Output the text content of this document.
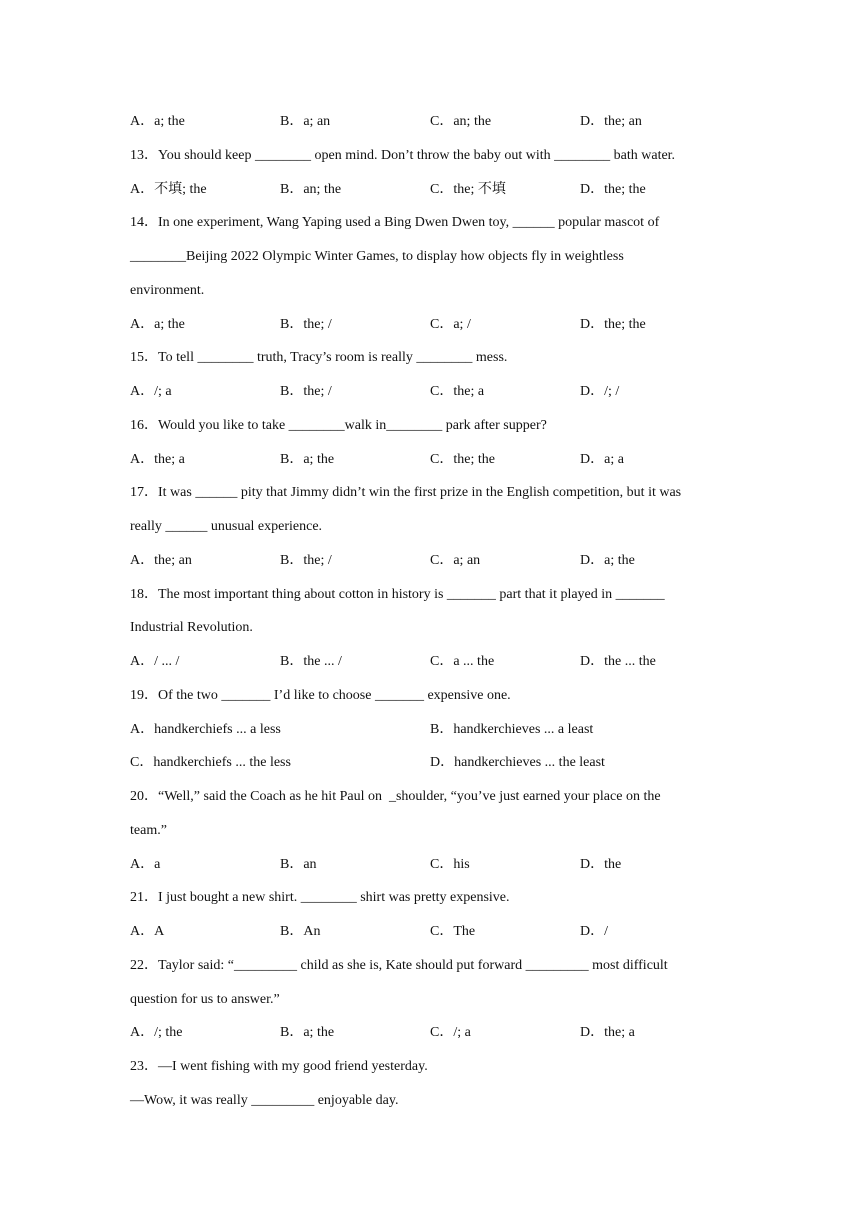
A．a; the	B．a; an	C．an; the	D．the; an
13．You should keep ________ open mind. Don’t throw the baby out with ________ bath water.
A．不填; the	B．an; the	C．the; 不填	D．the; the
14．In one experiment, Wang Yaping used a Bing Dwen Dwen toy, ______ popular mascot of
________Beijing 2022 Olympic Winter Games, to display how objects fly in weightless
environment.
A．a; the	B．the; /	C．a; /	D．the; the
15．To tell ________ truth, Tracy’s room is really ________ mess.
A．/; a	B．the; /	C．the; a	D．/; /
16．Would you like to take ________walk in________ park after supper?
A．the; a	B．a; the	C．the; the	D．a; a
17．It was ______ pity that Jimmy didn’t win the first prize in the English competition, but it was
really ______ unusual experience.
A．the; an	B．the; /	C．a; an	D．a; the
18．The most important thing about cotton in history is _______ part that it played in _______
Industrial Revolution.
A．/ ... /	B．the ... /	C．a ... the	D．the ... the
19．Of the two _______ I’d like to choose _______ expensive one.
A．handkerchiefs ... a less	B．handkerchieves ... a least
C．handkerchiefs ... the less	D．handkerchieves ... the least
20．“Well,” said the Coach as he hit Paul on  _shoulder, “you’ve just earned your place on the
team.”
A．a	B．an	C．his	D．the
21．I just bought a new shirt. ________ shirt was pretty expensive.
A．A	B．An	C．The	D．/
22．Taylor said: “_________ child as she is, Kate should put forward _________ most difficult
question for us to answer.”
A．/; the	B．a; the	C．/; a	D．the; a
23．—I went fishing with my good friend yesterday.
—Wow, it was really _________ enjoyable day.
